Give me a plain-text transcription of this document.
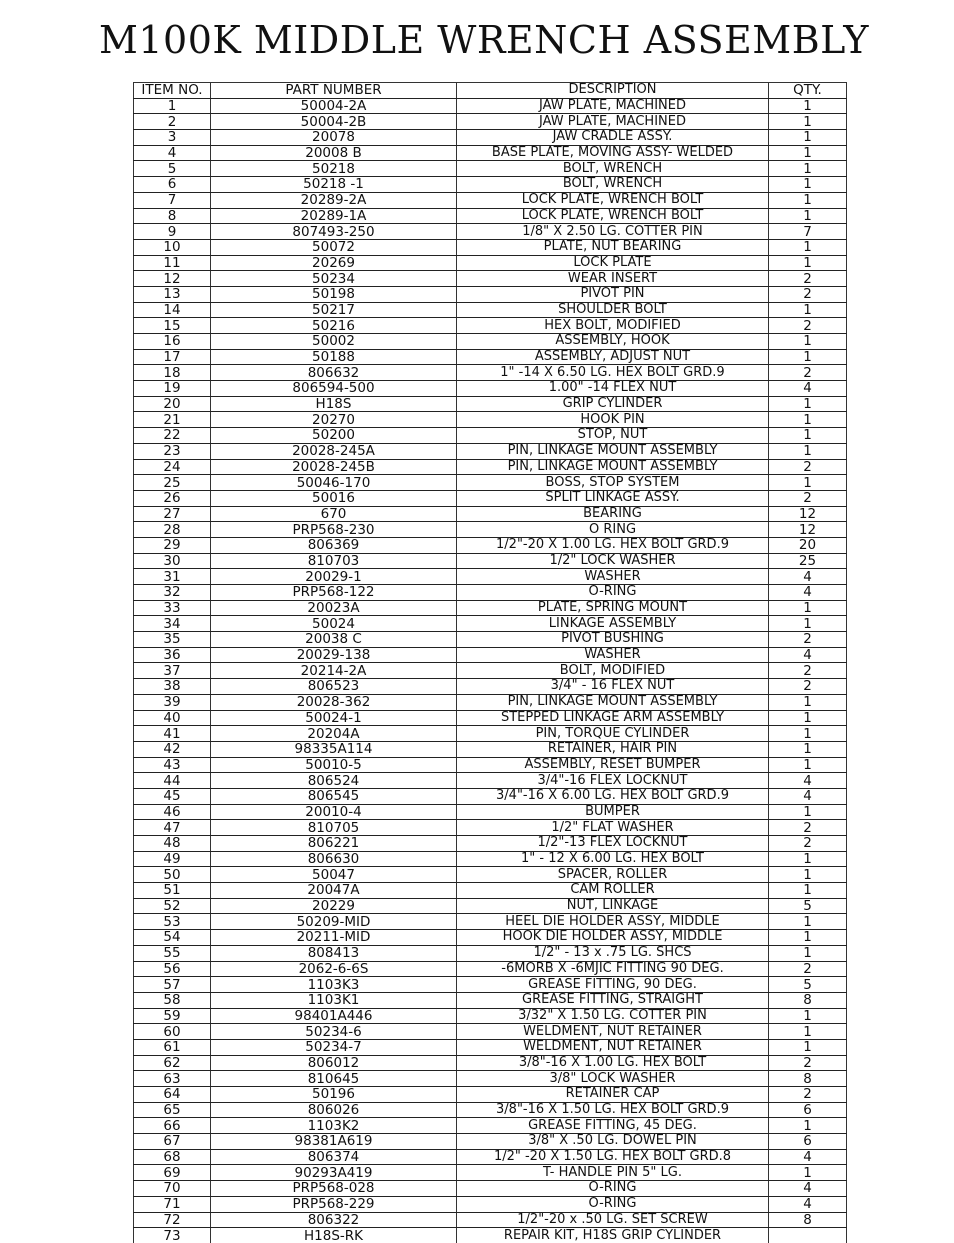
M100K MIDDLE WRENCH ASSEMBLY
ITEM NO.	PART NUMBER	DESCRIPTION	QTY.
1	50004-2A	JAW PLATE, MACHINED	1
2	50004-2B	JAW PLATE, MACHINED	1
3	20078	JAW CRADLE ASSY.	1
4	20008 B	BASE PLATE, MOVING ASSY- WELDED	1
5	50218	BOLT, WRENCH	1
6	50218 -1	BOLT, WRENCH	1
7	20289-2A	LOCK PLATE, WRENCH BOLT	1
8	20289-1A	LOCK PLATE, WRENCH BOLT	1
9	807493-250	1/8" X 2.50 LG. COTTER PIN	7
10	50072	PLATE, NUT BEARING	1
11	20269	LOCK PLATE	1
12	50234	WEAR INSERT	2
13	50198	PIVOT PIN	2
14	50217	SHOULDER BOLT	1
15	50216	HEX BOLT, MODIFIED	2
16	50002	ASSEMBLY, HOOK	1
17	50188	ASSEMBLY, ADJUST NUT	1
18	806632	1" -14 X 6.50 LG. HEX BOLT GRD.9	2
19	806594-500	1.00" -14 FLEX NUT	4
20	H18S	GRIP CYLINDER	1
21	20270	HOOK PIN	1
22	50200	STOP, NUT	1
23	20028-245A	PIN, LINKAGE MOUNT ASSEMBLY	1
24	20028-245B	PIN, LINKAGE MOUNT ASSEMBLY	2
25	50046-170	BOSS, STOP SYSTEM	1
26	50016	SPLIT LINKAGE ASSY.	2
27	670	BEARING	12
28	PRP568-230	O RING	12
29	806369	1/2"-20 X 1.00 LG. HEX BOLT GRD.9	20
30	810703	1/2" LOCK WASHER	25
31	20029-1	WASHER	4
32	PRP568-122	O-RING	4
33	20023A	PLATE, SPRING MOUNT	1
34	50024	LINKAGE ASSEMBLY	1
35	20038 C	PIVOT BUSHING	2
36	20029-138	WASHER	4
37	20214-2A	BOLT, MODIFIED	2
38	806523	3/4" - 16 FLEX NUT	2
39	20028-362	PIN, LINKAGE MOUNT ASSEMBLY	1
40	50024-1	STEPPED LINKAGE ARM ASSEMBLY	1
41	20204A	PIN, TORQUE CYLINDER	1
42	98335A114	RETAINER, HAIR PIN	1
43	50010-5	ASSEMBLY, RESET BUMPER	1
44	806524	3/4"-16 FLEX LOCKNUT	4
45	806545	3/4"-16 X 6.00 LG. HEX BOLT GRD.9	4
46	20010-4	BUMPER	1
47	810705	1/2" FLAT WASHER	2
48	806221	1/2"-13 FLEX LOCKNUT	2
49	806630	1" - 12 X 6.00 LG. HEX BOLT	1
50	50047	SPACER, ROLLER	1
51	20047A	CAM ROLLER	1
52	20229	NUT, LINKAGE	5
53	50209-MID	HEEL DIE HOLDER ASSY, MIDDLE	1
54	20211-MID	HOOK DIE HOLDER ASSY, MIDDLE	1
55	808413	1/2" - 13 x .75 LG. SHCS	1
56	2062-6-6S	-6MORB X -6MJIC FITTING 90 DEG.	2
57	1103K3	GREASE FITTING, 90 DEG.	5
58	1103K1	GREASE FITTING, STRAIGHT	8
59	98401A446	3/32" X 1.50 LG. COTTER PIN	1
60	50234-6	WELDMENT, NUT RETAINER	1
61	50234-7	WELDMENT, NUT RETAINER	1
62	806012	3/8"-16 X 1.00 LG. HEX BOLT	2
63	810645	3/8" LOCK WASHER	8
64	50196	RETAINER CAP	2
65	806026	3/8"-16 X 1.50 LG. HEX BOLT GRD.9	6
66	1103K2	GREASE FITTING, 45 DEG.	1
67	98381A619	3/8" X .50 LG. DOWEL PIN	6
68	806374	1/2" -20 X 1.50 LG. HEX BOLT GRD.8	4
69	90293A419	T- HANDLE PIN 5" LG.	1
70	PRP568-028	O-RING	4
71	PRP568-229	O-RING	4
72	806322	1/2"-20 x .50 LG. SET SCREW	8
73	H18S-RK	REPAIR KIT, H18S GRIP CYLINDER	
